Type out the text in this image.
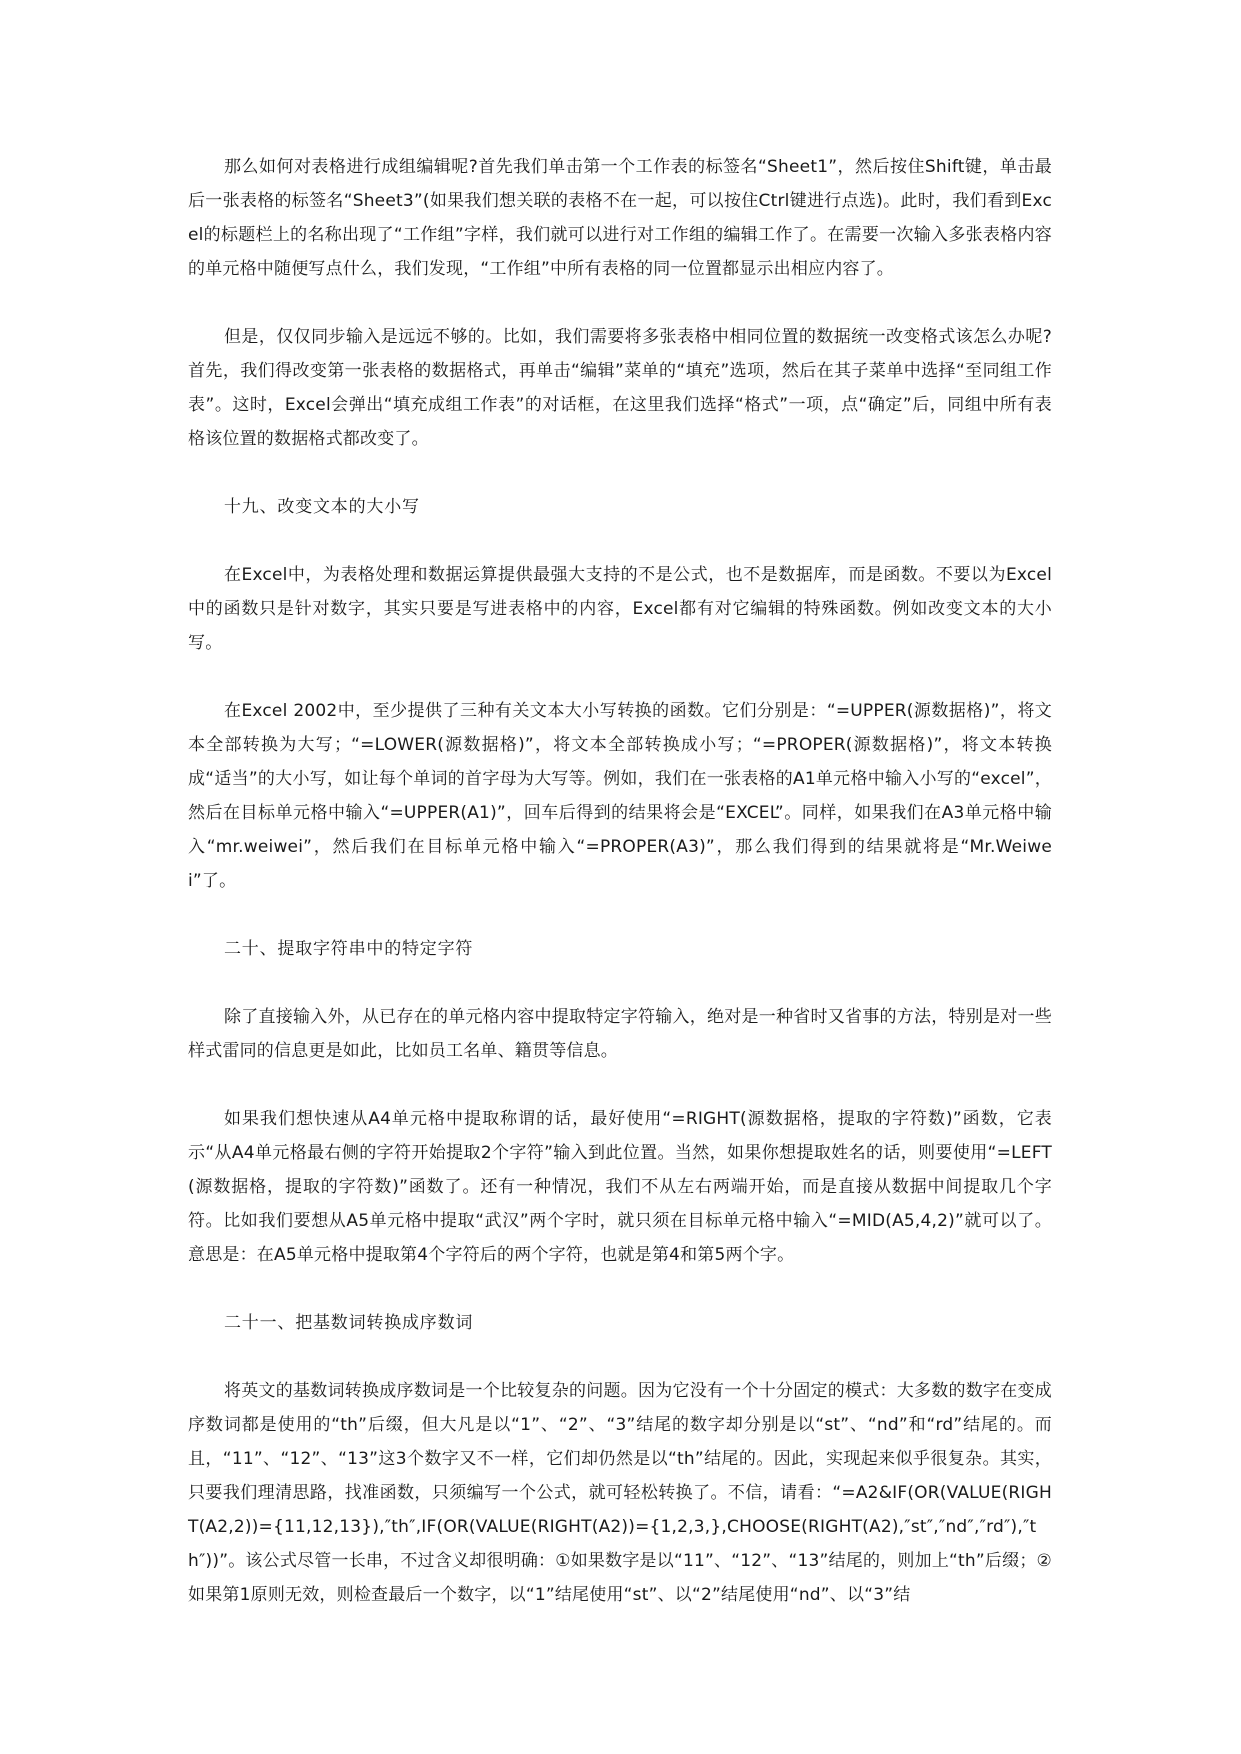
那么如何对表格进行成组编辑呢?首先我们单击第一个工作表的标签名“Sheet1”，然后按住Shift键，单击最后一张表格的标签名“Sheet3”(如果我们想关联的表格不在一起，可以按住Ctrl键进行点选)。此时，我们看到Excel的标题栏上的名称出现了“工作组”字样，我们就可以进行对工作组的编辑工作了。在需要一次输入多张表格内容的单元格中随便写点什么，我们发现，“工作组”中所有表格的同一位置都显示出相应内容了。

但是，仅仅同步输入是远远不够的。比如，我们需要将多张表格中相同位置的数据统一改变格式该怎么办呢?首先，我们得改变第一张表格的数据格式，再单击“编辑”菜单的“填充”选项，然后在其子菜单中选择“至同组工作表”。这时，Excel会弹出“填充成组工作表”的对话框，在这里我们选择“格式”一项，点“确定”后，同组中所有表格该位置的数据格式都改变了。

十九、改变文本的大小写

在Excel中，为表格处理和数据运算提供最强大支持的不是公式，也不是数据库，而是函数。不要以为Excel中的函数只是针对数字，其实只要是写进表格中的内容，Excel都有对它编辑的特殊函数。例如改变文本的大小写。

在Excel 2002中，至少提供了三种有关文本大小写转换的函数。它们分别是：“=UPPER(源数据格)”，将文本全部转换为大写；“=LOWER(源数据格)”，将文本全部转换成小写；“=PROPER(源数据格)”，将文本转换成“适当”的大小写，如让每个单词的首字母为大写等。例如，我们在一张表格的A1单元格中输入小写的“excel”，然后在目标单元格中输入“=UPPER(A1)”，回车后得到的结果将会是“EXCEL”。同样，如果我们在A3单元格中输入“mr.weiwei”，然后我们在目标单元格中输入“=PROPER(A3)”，那么我们得到的结果就将是“Mr.Weiwei”了。

二十、提取字符串中的特定字符

除了直接输入外，从已存在的单元格内容中提取特定字符输入，绝对是一种省时又省事的方法，特别是对一些样式雷同的信息更是如此，比如员工名单、籍贯等信息。

如果我们想快速从A4单元格中提取称谓的话，最好使用“=RIGHT(源数据格，提取的字符数)”函数，它表示“从A4单元格最右侧的字符开始提取2个字符”输入到此位置。当然，如果你想提取姓名的话，则要使用“=LEFT(源数据格，提取的字符数)”函数了。还有一种情况，我们不从左右两端开始，而是直接从数据中间提取几个字符。比如我们要想从A5单元格中提取“武汉”两个字时，就只须在目标单元格中输入“=MID(A5,4,2)”就可以了。意思是：在A5单元格中提取第4个字符后的两个字符，也就是第4和第5两个字。

二十一、把基数词转换成序数词

将英文的基数词转换成序数词是一个比较复杂的问题。因为它没有一个十分固定的模式：大多数的数字在变成序数词都是使用的“th”后缀，但大凡是以“1”、“2”、“3”结尾的数字却分别是以“st”、“nd”和“rd”结尾的。而且，“11”、“12”、“13”这3个数字又不一样，它们却仍然是以“th”结尾的。因此，实现起来似乎很复杂。其实，只要我们理清思路，找准函数，只须编写一个公式，就可轻松转换了。不信，请看：“=A2&IF(OR(VALUE(RIGHT(A2,2))={11,12,13}),″th″,IF(OR(VALUE(RIGHT(A2))={1,2,3,},CHOOSE(RIGHT(A2),″st″,″nd″,″rd″),″th″))”。该公式尽管一长串，不过含义却很明确：①如果数字是以“11”、“12”、“13”结尾的，则加上“th”后缀；②如果第1原则无效，则检查最后一个数字，以“1”结尾使用“st”、以“2”结尾使用“nd”、以“3”结
